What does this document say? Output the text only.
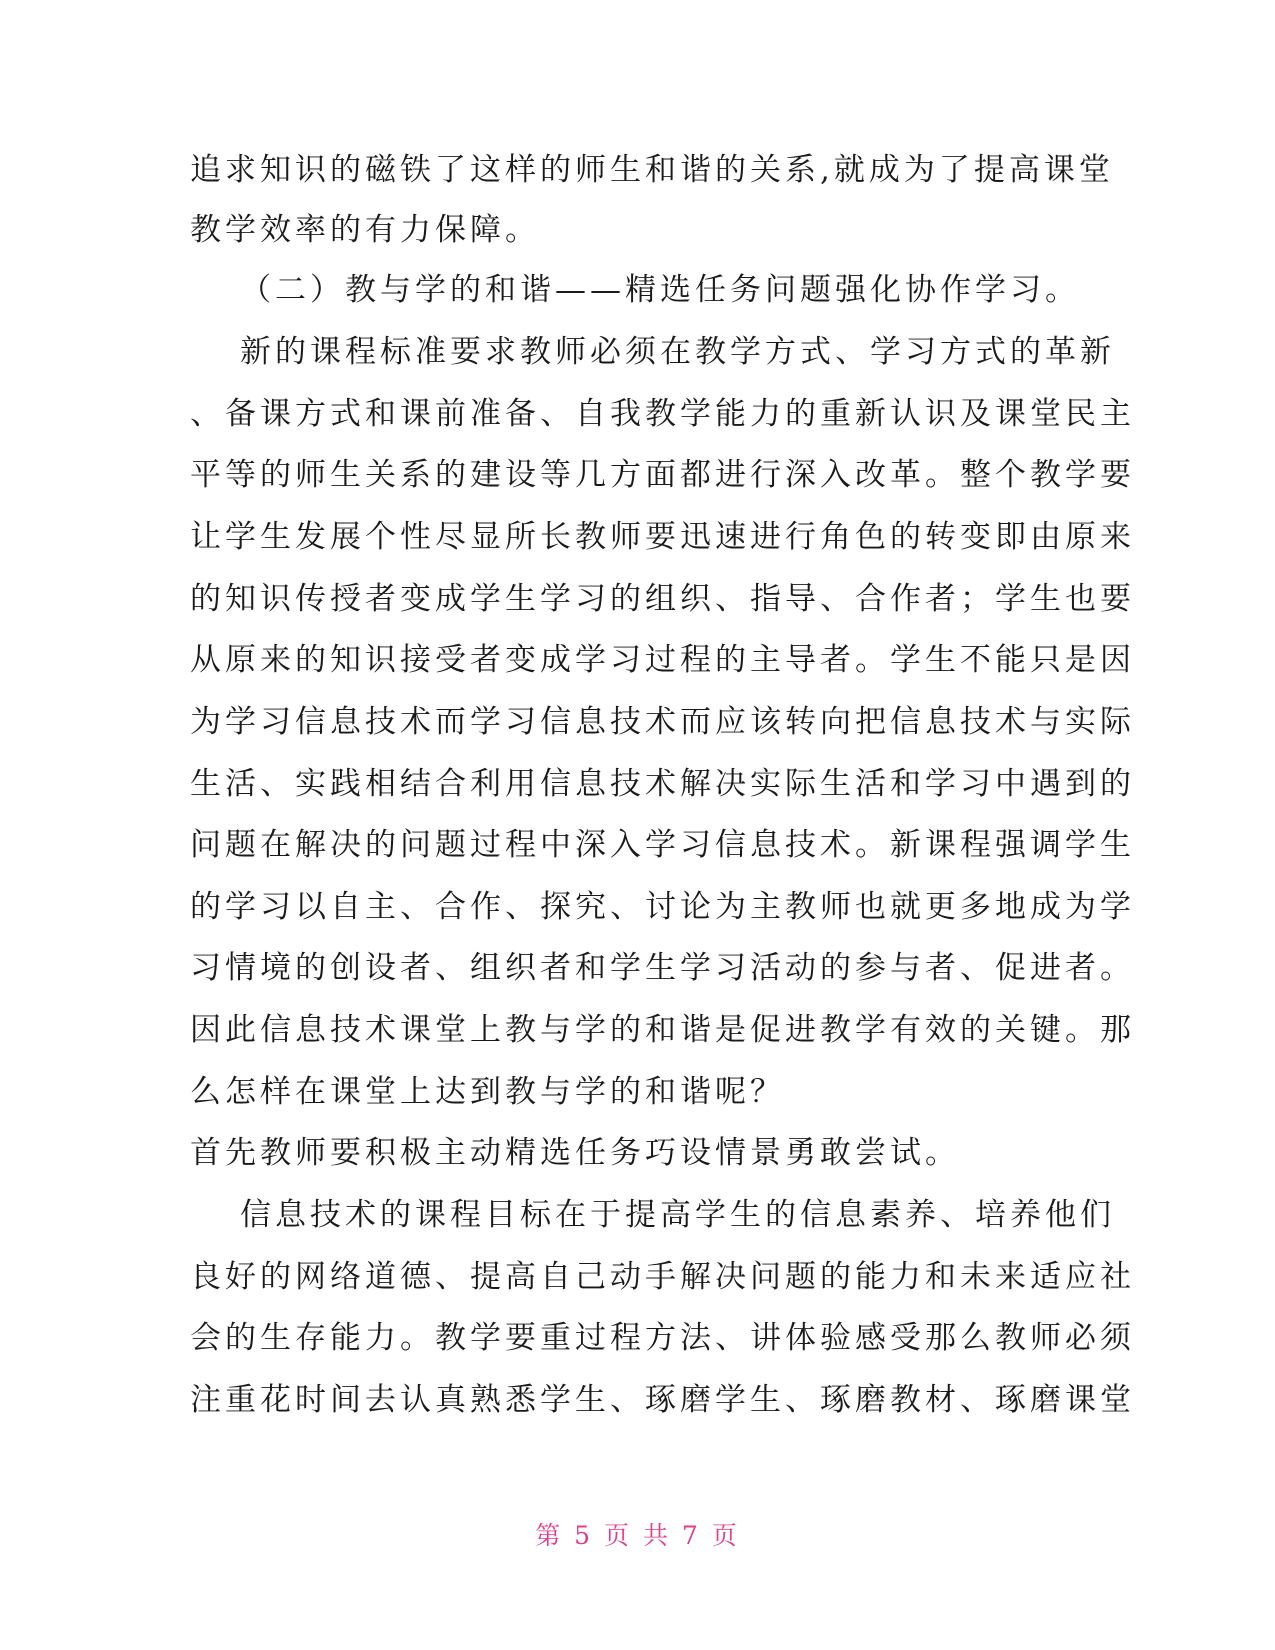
追求知识的磁铁了这样的师生和谐的关系,就成为了提高课堂
教学效率的有力保障。
（二）教与学的和谐——精选任务问题强化协作学习。
新的课程标准要求教师必须在教学方式、学习方式的革新
、备课方式和课前准备、自我教学能力的重新认识及课堂民主
平等的师生关系的建设等几方面都进行深入改革。整个教学要
让学生发展个性尽显所长教师要迅速进行角色的转变即由原来
的知识传授者变成学生学习的组织、指导、合作者；学生也要
从原来的知识接受者变成学习过程的主导者。学生不能只是因
为学习信息技术而学习信息技术而应该转向把信息技术与实际
生活、实践相结合利用信息技术解决实际生活和学习中遇到的
问题在解决的问题过程中深入学习信息技术。新课程强调学生
的学习以自主、合作、探究、讨论为主教师也就更多地成为学
习情境的创设者、组织者和学生学习活动的参与者、促进者。
因此信息技术课堂上教与学的和谐是促进教学有效的关键。那
么怎样在课堂上达到教与学的和谐呢？
首先教师要积极主动精选任务巧设情景勇敢尝试。
信息技术的课程目标在于提高学生的信息素养、培养他们
良好的网络道德、提高自己动手解决问题的能力和未来适应社
会的生存能力。教学要重过程方法、讲体验感受那么教师必须
注重花时间去认真熟悉学生、琢磨学生、琢磨教材、琢磨课堂
第 5 页 共 7 页
